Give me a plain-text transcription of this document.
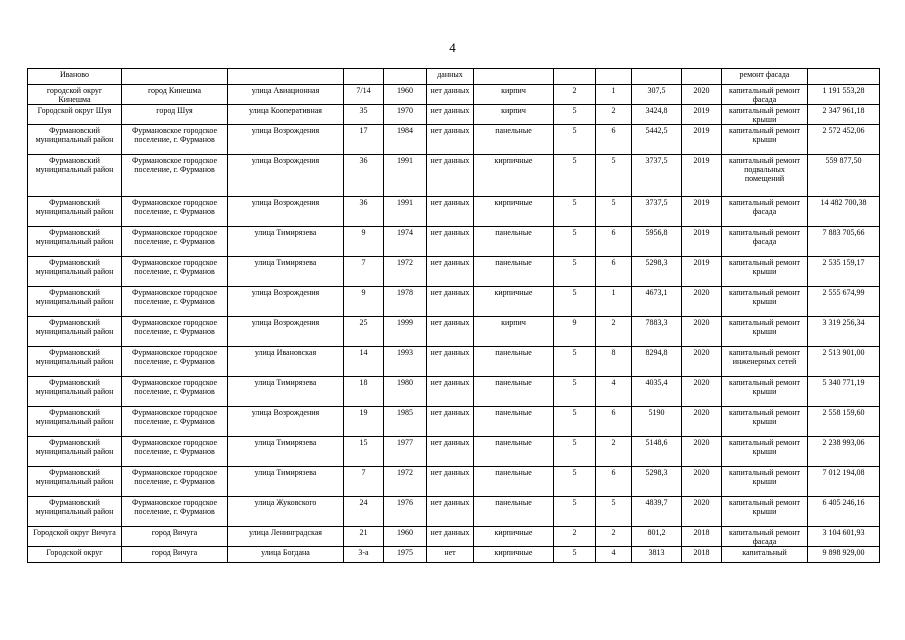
4
Иваново					данных						ремонт фасада	
городской округ Кинешма	город Кинешма	улица Авиационная	7/14	1960	нет данных	кирпич	2	1	307,5	2020	капитальный ремонт фасада	1 191 553,28
Городской округ Шуя	город Шуя	улица Кооперативная	35	1970	нет данных	кирпич	5	2	3424,8	2019	капитальный ремонт крыши	2 347 961,18
Фурмановский муниципальный район	Фурмановское городское поселение, г. Фурманов	улица Возрождения	17	1984	нет данных	панельные	5	6	5442,5	2019	капитальный ремонт крыши	2 572 452,06
Фурмановский муниципальный район	Фурмановское городское поселение, г. Фурманов	улица Возрождения	36	1991	нет данных	кирпичные	5	5	3737,5	2019	капитальный ремонт подвальных помещений	559 877,50
Фурмановский муниципальный район	Фурмановское городское поселение, г. Фурманов	улица Возрождения	36	1991	нет данных	кирпичные	5	5	3737,5	2019	капитальный ремонт фасада	14 482 700,38
Фурмановский муниципальный район	Фурмановское городское поселение, г. Фурманов	улица Тимирязева	9	1974	нет данных	панельные	5	6	5956,8	2019	капитальный ремонт фасада	7 883 705,66
Фурмановский муниципальный район	Фурмановское городское поселение, г. Фурманов	улица Тимирязева	7	1972	нет данных	панельные	5	6	5298,3	2019	капитальный ремонт крыши	2 535 159,17
Фурмановский муниципальный район	Фурмановское городское поселение, г. Фурманов	улица Возрождения	9	1978	нет данных	кирпичные	5	1	4673,1	2020	капитальный ремонт крыши	2 555 674,99
Фурмановский муниципальный район	Фурмановское городское поселение, г. Фурманов	улица Возрождения	25	1999	нет данных	кирпич	9	2	7883,3	2020	капитальный ремонт крыши	3 319 256,34
Фурмановский муниципальный район	Фурмановское городское поселение, г. Фурманов	улица Ивановская	14	1993	нет данных	панельные	5	8	8294,8	2020	капитальный ремонт инженерных сетей	2 513 901,00
Фурмановский муниципальный район	Фурмановское городское поселение, г. Фурманов	улица Тимирязева	18	1980	нет данных	панельные	5	4	4035,4	2020	капитальный ремонт крыши	5 340 771,19
Фурмановский муниципальный район	Фурмановское городское поселение, г. Фурманов	улица Возрождения	19	1985	нет данных	панельные	5	6	5190	2020	капитальный ремонт крыши	2 558 159,60
Фурмановский муниципальный район	Фурмановское городское поселение, г. Фурманов	улица Тимирязева	15	1977	нет данных	панельные	5	2	5148,6	2020	капитальный ремонт крыши	2 238 993,06
Фурмановский муниципальный район	Фурмановское городское поселение, г. Фурманов	улица Тимирязева	7	1972	нет данных	панельные	5	6	5298,3	2020	капитальный ремонт крыши	7 012 194,08
Фурмановский муниципальный район	Фурмановское городское поселение, г. Фурманов	улица Жуковского	24	1976	нет данных	панельные	5	5	4839,7	2020	капитальный ремонт крыши	6 405 246,16
Городской округ Вичуга	город Вичуга	улица Ленинградская	21	1960	нет данных	кирпичные	2	2	801,2	2018	капитальный ремонт фасада	3 104 601,93
Городской округ	город Вичуга	улица Богдана	3-а	1975	нет	кирпичные	5	4	3813	2018	капитальный	9 898 929,00
